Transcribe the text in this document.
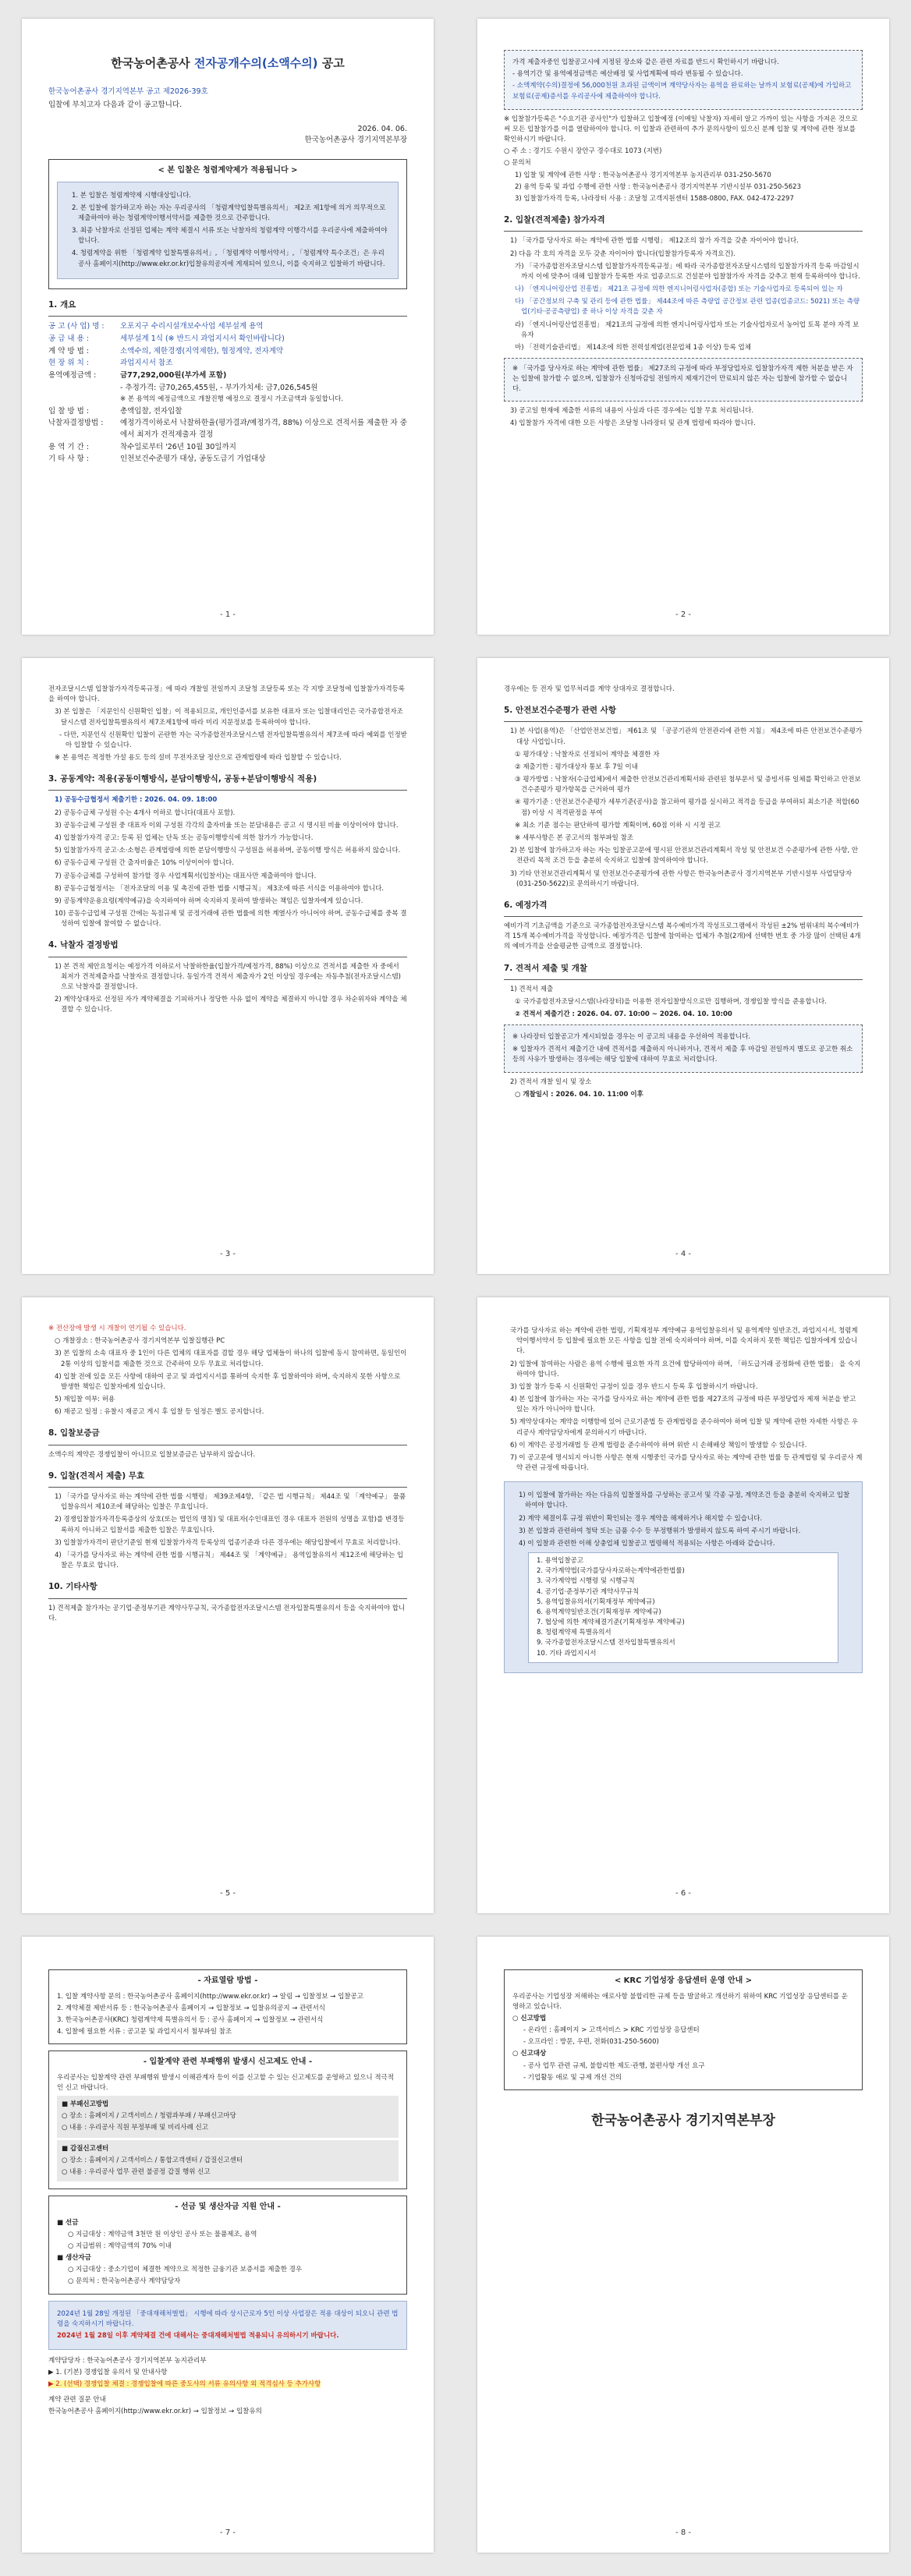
한국농어촌공사 전자공개수의(소액수의) 공고
한국농어촌공사 경기지역본부 공고 제2026-39호
입찰에 부치고자 다음과 같이 공고합니다.
2026. 04. 06.
한국농어촌공사 경기지역본부장
< 본 입찰은 청렴계약제가 적용됩니다 >
1. 본 입찰은 청렴계약제 시행대상입니다.
2. 본 입찰에 참가하고자 하는 자는 우리공사의 「청렴계약입찰특별유의서」 제2조 제1항에 의거 의무적으로 제출하여야 하는 청렴계약이행서약서를 제출한 것으로 간주합니다.
3. 최종 낙찰자로 선정된 업체는 계약 체결시 서류 또는 낙찰자의 청렴계약 이행각서를 우리공사에 제출하여야 합니다.
4. 청렴계약을 위한 「청렴계약 입찰특별유의서」, 「청렴계약 이행서약서」, 「청렴계약 특수조건」은 우리공사 홈페이지(http://www.ekr.or.kr)입찰유의공지에 게재되어 있으니, 이를 숙지하고 입찰하기 바랍니다.
1. 개요
공 고 (사 업) 명 :	오포지구 수리시설개보수사업 세부설계 용역
공 급 내 용 :	세부설계 1식 (※ 반드시 과업지시서 확인바랍니다)
계 약 방 법 :	소액수의, 제한경쟁(지역제한), 협정계약, 전자계약
현 장 위 치 :	과업지시서 참조
용역예정금액 :	금77,292,000원(부가세 포함)
- 추정가격: 금70,265,455원, - 부가가치세: 금7,026,545원
※ 본 용역의 예정금액으로 개찰진행 예정으로 결정시 가조금액과 동일합니다.
입 찰 방 법 :	총액입찰, 전자입찰
낙찰자결정방법 :	예정가격이하로서 낙찰하한율(평가결과/예정가격, 88%) 이상으로 견적서를 제출한 자 중에서 최저가 견적제출자 결정
용 역 기 간 :	착수일로부터 '26년 10월 30일까지
기 타 사 항 :	인천보건수준평가 대상, 공동도급기 가업대상
- 1 -
가격 제출자중인 입찰공고시에 지정된 장소와 같은 관련 자료를 반드시 확인하시기 바랍니다.
- 용역기간 및 용역예정금액은 예산배정 및 사업계획에 따라 변동될 수 있습니다.
- 소액계약(수의)결정에 56,000천원 초과된 금액이며 계약당사자는 용역을 완료하는 날까지 보험료(공제)에 가입하고 보험료(공제)증서를 우리공사에 제출하여야 합니다.
※ 입찰참가등록은 "수요기관 공사인"가 입찰하고 입찰예정 (이메일 낙찰자) 자세히 알고 가까이 있는 사항을 가져온 것으로써 모든 입찰참가를 이를 열람하여야 합니다. 이 입찰과 관련하여 추가 문의사항이 있으신 분께 입찰 및 계약에 관한 정보를 확인하시기 바랍니다.
○ 주 소 : 경기도 수원시 장안구 경수대로 1073 (지번)
○ 문의처
1) 입찰 및 계약에 관한 사항 : 한국농어촌공사 경기지역본부 농지관리부 031-250-5670
2) 용역 등록 및 과업 수행에 관한 사항 : 한국농어촌공사 경기지역본부 기반시설부 031-250-5623
3) 입찰참가자격 등록, 나라장터 사용 : 조달청 고객지원센터 1588-0800, FAX. 042-472-2297
2. 입찰(견적제출) 참가자격
1) 「국가를 당사자로 하는 계약에 관한 법률 시행령」 제12조의 참가 자격을 갖춘 자이어야 합니다.
2) 다음 각 호의 자격을 모두 갖춘 자이어야 합니다(입찰참가등록자 자격요건).
가) 「국가종합전자조달시스템 입찰참가자격등록규정」에 따라 국가종합전자조달시스템의 입찰참가자격 등록 마감일시까지 이에 맞추어 대해 입찰참가 등록한 자로 업종코드로 건설분야 입찰참가자 자격을 갖추고 현재 등록하여야 합니다.
나) 「엔지니어링산업 진흥법」 제21조 규정에 의한 엔지니어링사업자(종합) 또는 기술사업자로 등록되어 있는 자
다) 「공간정보의 구축 및 관리 등에 관한 법률」 제44조에 따른 측량업 공간정보 관련 업종(업종코드: 5021) 또는 측량업(기타·공공측량업) 중 하나 이상 자격을 갖춘 자
라) 「엔지니어링산업진흥법」 제21조의 규정에 의한 엔지니어링사업자 또는 기술사업자로서 농어업 토목 분야 자격 보유자
마) 「전력기술관리법」 제14조에 의한 전력설계업(전문업체 1종 이상) 등록 업체
※ 「국가를 당사자로 하는 계약에 관한 법률」 제27조의 규정에 따라 부정당업자로 입찰참가자격 제한 처분을 받은 자는 입찰에 참가할 수 없으며, 입찰참가 신청마감일 전일까지 제재기간이 만료되지 않은 자는 입찰에 참가할 수 없습니다.
3) 공고일 현재에 제출한 서류의 내용이 사실과 다른 경우에는 입찰 무효 처리됩니다.
4) 입찰참가 자격에 대한 모든 사항은 조달청 나라장터 및 관계 법령에 따라야 합니다.
- 2 -
전자조달시스템 입찰참가자격등록규정」에 따라 개찰일 전일까지 조달청 조달등록 또는 각 지방 조달청에 입찰참가자격등록을 하여야 합니다.
3) 본 입찰은 「지문인식 신원확인 입찰」이 적용되므로, 개인인증서를 보유한 대표자 또는 입찰대리인은 국가종합전자조달시스템 전자입찰특별유의서 제7조제1항에 따라 미리 지문정보를 등록하여야 합니다.
- 다만, 지문인식 신원확인 입찰이 곤란한 자는 국가종합전자조달시스템 전자입찰특별유의서 제7조에 따라 예외를 인정받아 입찰할 수 있습니다.
※ 본 용역은 적정한 가설 용도 등의 설비 무전자조달 정산으로 관계법령에 따라 입찰할 수 있습니다.
3. 공동계약: 적용(공동이행방식, 분담이행방식, 공동+분담이행방식 적용)
1) 공동수급협정서 제출기한 : 2026. 04. 09. 18:00
2) 공동수급체 구성원 수는 4개사 이하로 합니다(대표사 포함).
3) 공동수급체 구성원 중 대표자 이외 구성원 각각의 출자비율 또는 분담내용은 공고 시 명시된 비율 이상이어야 합니다.
4) 입찰참가자격 공고: 등록 된 업체는 단독 또는 공동이행방식에 의한 참가가 가능합니다.
5) 입찰참가자격 공고·소·소형은 관계법령에 의한 분담이행방식 구성원을 허용하며, 공동이행 방식은 허용하지 않습니다.
6) 공동수급체 구성원 간 출자비율은 10% 이상이어야 합니다.
7) 공동수급체를 구성하여 참가할 경우 사업계획서(입찰서)는 대표사만 제출하여야 합니다.
8) 공동수급협정서는 「전자조달의 이용 및 촉진에 관한 법률 시행규칙」 제3조에 따른 서식을 이용하여야 합니다.
9) 공동계약운용요령(계약예규)을 숙지하여야 하며 숙지하지 못하여 발생하는 책임은 입찰자에게 있습니다.
10) 공동수급업체 구성원 간에는 독점규제 및 공정거래에 관한 법률에 의한 계열사가 아니어야 하며, 공동수급체를 중복 결성하여 입찰에 참여할 수 없습니다.
4. 낙찰자 결정방법
1) 본 견적 제안요청서는 예정가격 이하로서 낙찰하한율(입찰가격/예정가격, 88%) 이상으로 견적서를 제출한 자 중에서 최저가 견적제출자를 낙찰자로 결정합니다. 동일가격 견적서 제출자가 2인 이상일 경우에는 자동추첨(전자조달시스템)으로 낙찰자를 결정합니다.
2) 계약상대자로 선정된 자가 계약체결을 기피하거나 정당한 사유 없이 계약을 체결하지 아니할 경우 차순위자와 계약을 체결할 수 있습니다.
- 3 -
경우에는 등 전자 및 업무처리를 계약 상대자로 결정합니다.
5. 안전보건수준평가 관련 사항
1) 본 사업(용역)은 「산업안전보건법」 제61조 및 「공공기관의 안전관리에 관한 지침」 제4조에 따른 안전보건수준평가 대상 사업입니다.
① 평가대상 : 낙찰자로 선정되어 계약을 체결한 자
② 제출기한 : 평가대상자 통보 후 7일 이내
③ 평가방법 : 낙찰자(수급업체)에서 제출한 안전보건관리계획서와 관련된 첨부문서 및 증빙서류 일체를 확인하고 안전보건수준평가 평가항목을 근거하여 평가
④ 평가기준 : 안전보건수준평가 세부기준(공사)을 참고하여 평가를 실시하고 적격을 등급을 부여하되 최소기준 적합(60점) 이상 시 적격판정을 부여
※ 최소 기준 점수는 판단하여 평가할 계획이며, 60점 이하 시 시정 권고
※ 세부사항은 본 공고서의 첨부파일 참조
2) 본 입찰에 참가하고자 하는 자는 입찰공고문에 명시된 안전보건관리계획서 작성 및 안전보건 수준평가에 관한 사항, 안전관리 목적 조건 등을 충분히 숙지하고 입찰에 참여하여야 합니다.
3) 기타 안전보건관리계획서 및 안전보건수준평가에 관한 사항은 한국농어촌공사 경기지역본부 기반시설부 사업담당자(031-250-5622)로 문의하시기 바랍니다.
6. 예정가격
예비가격 기초금액을 기준으로 국가종합전자조달시스템 복수예비가격 작성프로그램에서 작성된 ±2% 범위내의 복수예비가격 15개 복수예비가격을 작성합니다. 예정가격은 입찰에 참여하는 업체가 추첨(2개)에 선택한 번호 중 가장 많이 선택된 4개의 예비가격을 산술평균한 금액으로 결정합니다.
7. 견적서 제출 및 개찰
1) 견적서 제출
① 국가종합전자조달시스템(나라장터)을 이용한 전자입찰방식으로만 집행하며, 경쟁입찰 방식을 준용합니다.
② 견적서 제출기간 : 2026. 04. 07. 10:00 ~ 2026. 04. 10. 10:00
※ 나라장터 입찰공고가 게시되었을 경우는 이 공고의 내용을 우선하여 적용합니다.
※ 입찰자가 견적서 제출기간 내에 견적서를 제출하지 아니하거나, 견적서 제출 후 마감일 전일까지 별도로 공고한 취소 등의 사유가 발생하는 경우에는 해당 입찰에 대하여 무효로 처리합니다.
2) 견적서 개찰 일시 및 장소
○ 개찰일시 : 2026. 04. 10. 11:00 이후
- 4 -
※ 전산장애 발생 시 개찰이 연기될 수 있습니다.
○ 개찰장소 : 한국농어촌공사 경기지역본부 입찰집행관 PC
3) 본 입찰의 소속 대표자 중 1인이 다른 업체의 대표자를 겸할 경우 해당 업체들이 하나의 입찰에 동시 참여하면, 동일인이 2통 이상의 입찰서를 제출한 것으로 간주하여 모두 무효로 처리합니다.
4) 입찰 전에 있을 모든 사항에 대하여 공고 및 과업지시서를 통하여 숙지한 후 입찰하여야 하며, 숙지하지 못한 사항으로 발생한 책임은 입찰자에게 있습니다.
5) 재입찰 여부: 허용
6) 재공고 일정 : 유찰시 재공고 게시 후 입찰 등 일정은 별도 공지합니다.
8. 입찰보증금
소액수의 계약은 경쟁입찰이 아니므로 입찰보증금은 납부하지 않습니다.
9. 입찰(견적서 제출) 무효
1) 「국가를 당사자로 하는 계약에 관한 법률 시행령」 제39조제4항, 「같은 법 시행규칙」 제44조 및 「계약예규」 물품입찰유의서 제10조에 해당하는 입찰은 무효입니다.
2) 경쟁입찰참가자격등록증상의 상호(또는 법인의 명칭) 및 대표자(수인대표인 경우 대표자 전원의 성명을 포함)를 변경등록하지 아니하고 입찰서를 제출한 입찰은 무효입니다.
3) 입찰참가자격이 판단기준일 현재 입찰참가자격 등록상의 업종기준과 다른 경우에는 해당입찰에서 무효로 처리합니다.
4) 「국가를 당사자로 하는 계약에 관한 법률 시행규칙」 제44조 및 「계약예규」 용역입찰유의서 제12조에 해당하는 입찰은 무효로 합니다.
10. 기타사항
1) 견적제출 참가자는 공기업·준정부기관 계약사무규칙, 국가종합전자조달시스템 전자입찰특별유의서 등을 숙지하여야 합니다.
- 5 -
국가를 당사자로 하는 계약에 관한 법령, 기획재정부 계약예규 용역입찰유의서 및 용역계약 일반조건, 과업지시서, 청렴계약이행서약서 등 입찰에 필요한 모든 사항을 입찰 전에 숙지하여야 하며, 이를 숙지하지 못한 책임은 입찰자에게 있습니다.
2) 입찰에 참여하는 사람은 용역 수행에 필요한 자격 요건에 합당하여야 하며, 「하도급거래 공정화에 관한 법률」 을 숙지하여야 합니다.
3) 입찰 참가 등록 시 신원확인 규정이 있을 경우 반드시 등록 후 입찰하시기 바랍니다.
4) 본 입찰에 참가하는 자는 국가를 당사자로 하는 계약에 관한 법률 제27조의 규정에 따른 부정당업자 제재 처분을 받고 있는 자가 아니어야 합니다.
5) 계약상대자는 계약을 이행함에 있어 근로기준법 등 관계법령을 준수하여야 하며 입찰 및 계약에 관한 자세한 사항은 우리공사 계약담당자에게 문의하시기 바랍니다.
6) 이 계약은 공정거래법 등 관계 법령을 준수하여야 하며 위반 시 손해배상 책임이 발생할 수 있습니다.
7) 이 공고문에 명시되지 아니한 사항은 현재 시행중인 국가를 당사자로 하는 계약에 관한 법률 등 관계법령 및 우리공사 계약 관련 규정에 따릅니다.
1) 이 입찰에 참가하는 자는 다음의 입찰절차를 구성하는 공고서 및 각종 규정, 계약조건 등을 충분히 숙지하고 입찰하여야 합니다.
2) 계약 체결이후 규정 위반이 확인되는 경우 계약을 해제하거나 해지할 수 있습니다.
3) 본 입찰과 관련하여 청탁 또는 금품 수수 등 부정행위가 발생하지 않도록 하여 주시기 바랍니다.
4) 이 입찰과 관련한 이해 상충업체 입찰공고 법령해석 적용되는 사항은 아래와 같습니다.
1. 용역입찰공고
2. 국가계약법(국가를당사자로하는계약에관한법률)
3. 국가계약법 시행령 및 시행규칙
4. 공기업·준정부기관 계약사무규칙
5. 용역입찰유의서(기획재정부 계약예규)
6. 용역계약일반조건(기획재정부 계약예규)
7. 협상에 의한 계약체결기준(기획재정부 계약예규)
8. 청렴계약제 특별유의서
9. 국가종합전자조달시스템 전자입찰특별유의서
10. 기타 과업지시서
- 6 -
- 자료열람 방법 -
1. 입찰 계약사항 문의 : 한국농어촌공사 홈페이지(http://www.ekr.or.kr) → 알림 → 입찰정보 → 입찰공고
2. 계약체결 제반서류 등 : 한국농어촌공사 홈페이지 → 입찰정보 → 입찰유의공지 → 관련서식
3. 한국농어촌공사(KRC) 청렴계약제 특별유의서 등 : 공사 홈페이지 → 입찰정보 → 관련서식
4. 입찰에 필요한 서류 : 공고문 및 과업지시서 첨부파일 참조
- 입찰계약 관련 부패행위 발생시 신고제도 안내 -
우리공사는 입찰계약 관련 부패행위 발생시 이해관계자 등이 이를 신고할 수 있는 신고제도를 운영하고 있으니 적극적인 신고 바랍니다.
■ 부패신고방법
○ 장소 : 홈페이지 / 고객서비스 / 청렴과부패 / 부패신고마당
○ 내용 : 우리공사 직원 부정부패 및 비리사례 신고
■ 갑질신고센터
○ 장소 : 홈페이지 / 고객서비스 / 통합고객센터 / 갑질신고센터
○ 내용 : 우리공사 업무 관련 불공정 갑질 행위 신고
- 선금 및 생산자금 지원 안내 -
■ 선금
○ 지급대상 : 계약금액 3천만 원 이상인 공사 또는 물품제조, 용역
○ 지급범위 : 계약금액의 70% 이내
■ 생산자금
○ 지급대상 : 중소기업이 체결한 계약으로 적정한 금융기관 보증서를 제출한 경우
○ 문의처 : 한국농어촌공사 계약담당자
2024년 1월 28일 개정된 「중대재해처벌법」 시행에 따라 상시근로자 5인 이상 사업장은 적용 대상이 되오니 관련 법령을 숙지하시기 바랍니다.
2024년 1월 28일 이후 계약체결 건에 대해서는 중대재해처벌법 적용되니 유의하시기 바랍니다.
계약담당자 : 한국농어촌공사 경기지역본부 농지관리부
▶ 1. (기본) 경쟁입찰 유의서 및 안내사항
▶ 2. (선택) 경쟁입찰 체결 : 경쟁입찰에 따른 중도사의 서류 유의사항 외 적격심사 등 추가사항
계약 관련 질문 안내
한국농어촌공사 홈페이지(http://www.ekr.or.kr) → 입찰정보 → 입찰유의
- 7 -
< KRC 기업성장 응답센터 운영 안내 >
우리공사는 기업성장 저해하는 애로사항 불합리한 규제 등을 발굴하고 개선하기 위하여 KRC 기업성장 응답센터를 운영하고 있습니다.
○ 신고방법
- 온라인 : 홈페이지 > 고객서비스 > KRC 기업성장 응답센터
- 오프라인 : 방문, 우편, 전화(031-250-5600)
○ 신고대상
- 공사 업무 관련 규제, 불합리한 제도·관행, 불편사항 개선 요구
- 기업활동 애로 및 규제 개선 건의
한국농어촌공사 경기지역본부장
- 8 -
